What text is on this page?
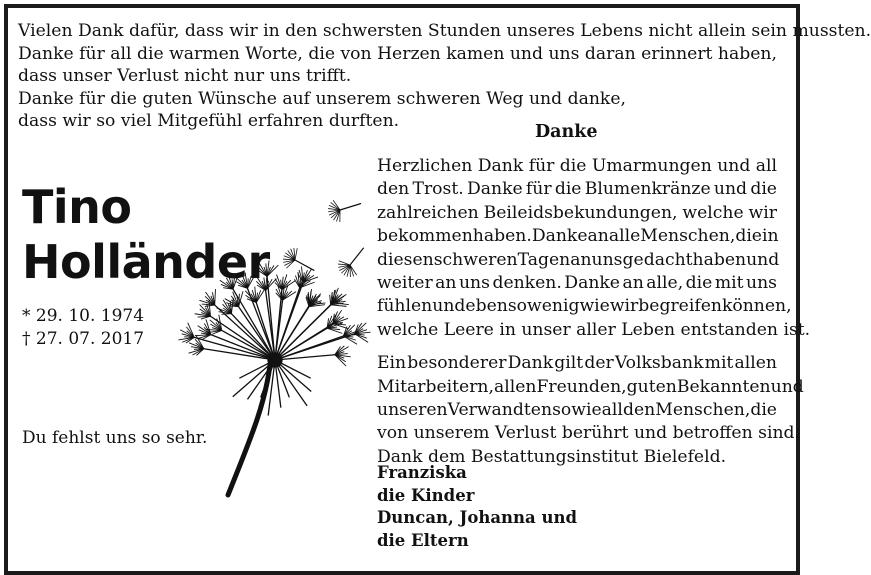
Vielen Dank dafür, dass wir in den schwersten Stunden unseres Lebens nicht allein sein mussten.
Danke für all die warmen Worte, die von Herzen kamen und uns daran erinnert haben,
dass unser Verlust nicht nur uns trifft.
Danke für die guten Wünsche auf unserem schweren Weg und danke,
dass wir so viel Mitgefühl erfahren durften.
Danke
Tino
Holländer
* 29. 10. 1974
† 27. 07. 2017
Du fehlst uns so sehr.
Herzlichen Dank für die Umarmungen und all
den Trost. Danke für die Blumenkränze und die
zahlreichen Beileidsbekundungen, welche wir
bekommen haben. Danke an alle Menschen, die in
diesen schweren Tagen an uns gedacht haben und
weiter an uns denken. Danke an alle, die mit uns
fühlen und ebenso wenig wie wir begreifen können,
welche Leere in unser aller Leben entstanden ist.
Ein besonderer Dank gilt der Volksbank mit allen
Mitarbeitern, allen Freunden, guten Bekannten und
unseren Verwandten sowie all den Menschen, die
von unserem Verlust berührt und betroffen sind.
Dank dem Bestattungsinstitut Bielefeld.
Franziska
die Kinder
Duncan, Johanna und
die Eltern
